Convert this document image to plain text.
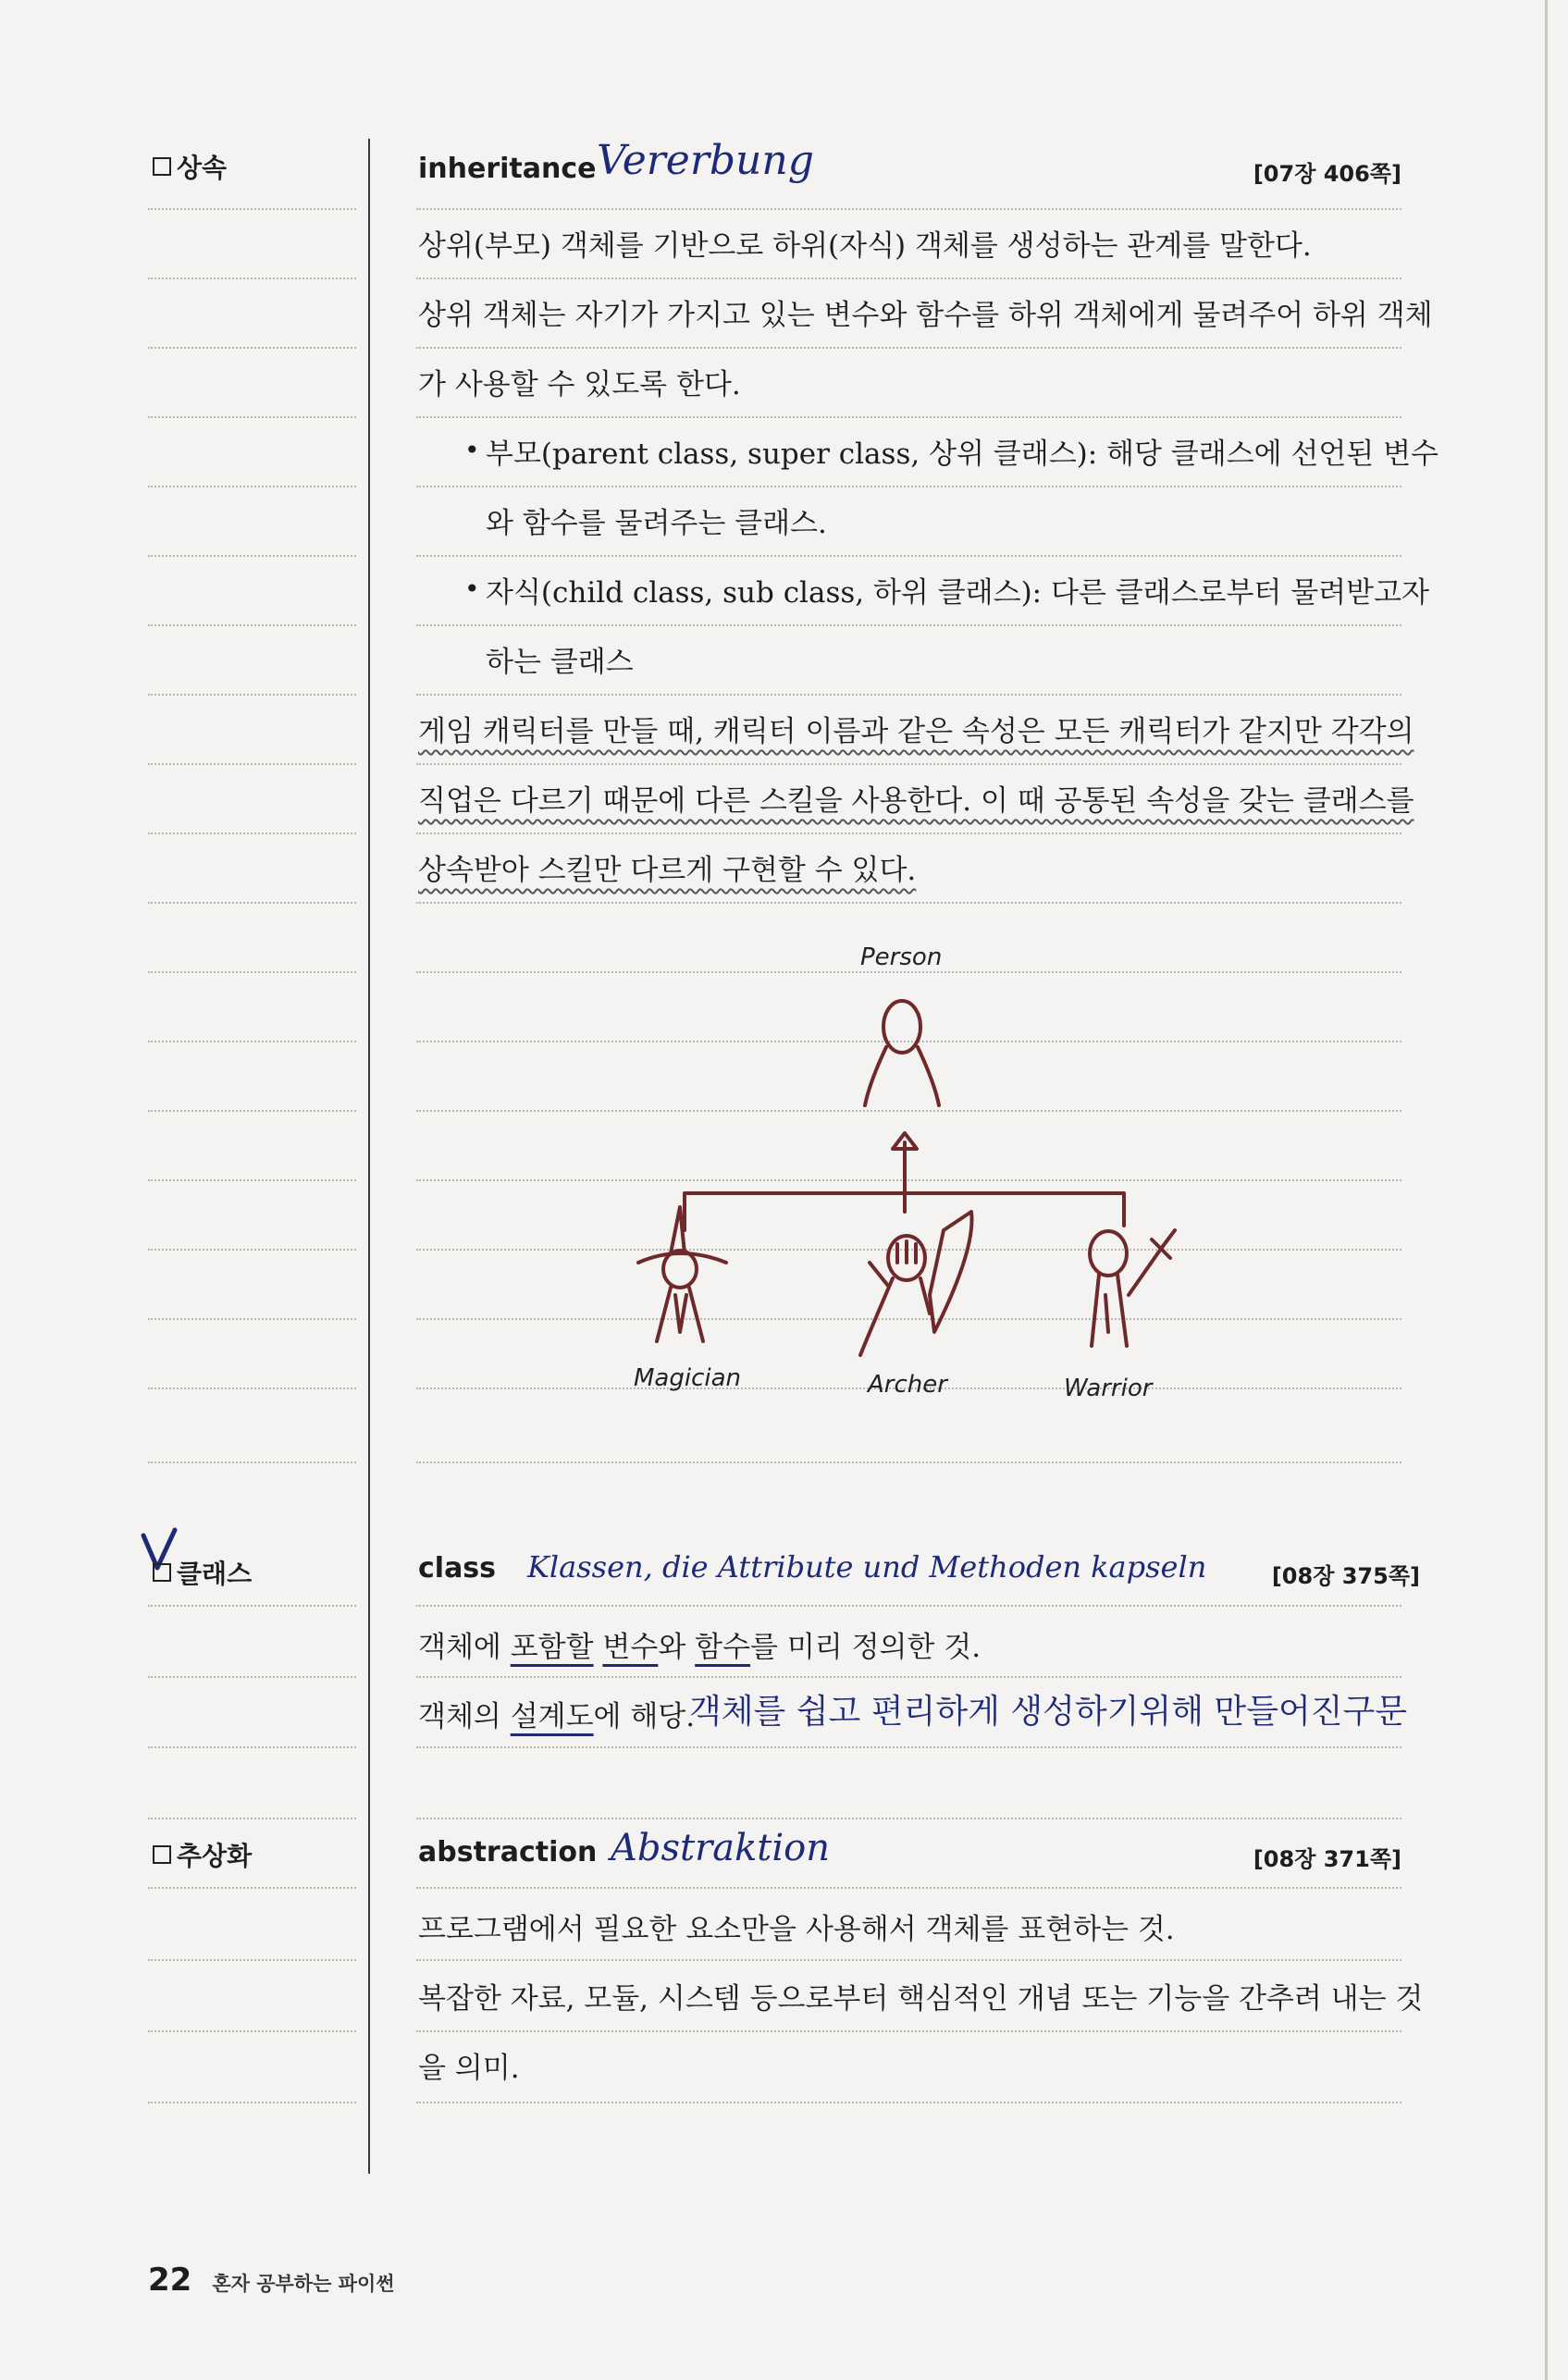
상속	inheritance Vererbung	[07장 406쪽]
상위(부모) 객체를 기반으로 하위(자식) 객체를 생성하는 관계를 말한다.
상위 객체는 자기가 가지고 있는 변수와 함수를 하위 객체에게 물려주어 하위 객체
가 사용할 수 있도록 한다.
• 부모(parent class, super class, 상위 클래스): 해당 클래스에 선언된 변수
와 함수를 물려주는 클래스.
• 자식(child class, sub class, 하위 클래스): 다른 클래스로부터 물려받고자
하는 클래스
게임 캐릭터를 만들 때, 캐릭터 이름과 같은 속성은 모든 캐릭터가 같지만 각각의
직업은 다르기 때문에 다른 스킬을 사용한다. 이 때 공통된 속성을 갖는 클래스를
상속받아 스킬만 다르게 구현할 수 있다.
Person
Magician	Archer	Warrior
클래스	class Klassen, die Attribute und Methoden kapseln	[08장 375쪽]
객체에 포함할 변수와 함수를 미리 정의한 것.
객체의 설계도에 해당.
객체를 쉽고 편리하게 생성하기위해 만들어진구문
추상화	abstraction Abstraktion	[08장 371쪽]
프로그램에서 필요한 요소만을 사용해서 객체를 표현하는 것.
복잡한 자료, 모듈, 시스템 등으로부터 핵심적인 개념 또는 기능을 간추려 내는 것
을 의미.
22 혼자 공부하는 파이썬
